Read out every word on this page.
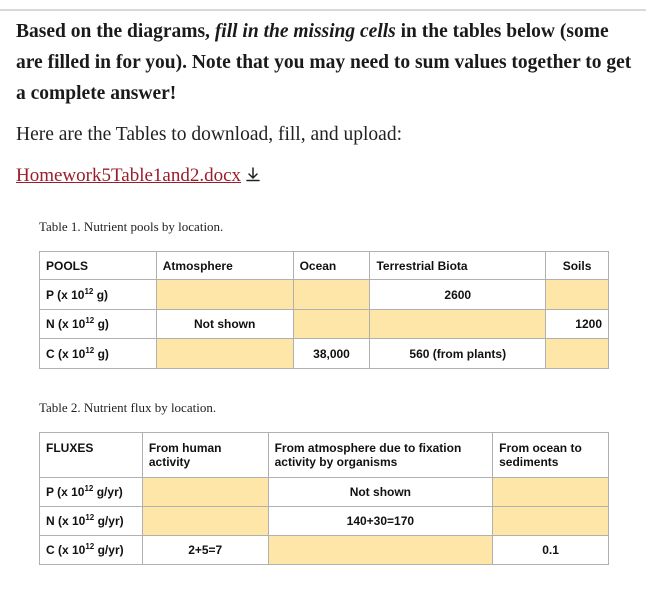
Based on the diagrams, fill in the missing cells in the tables below (some are filled in for you). Note that you may need to sum values together to get a complete answer!

Here are the Tables to download, fill, and upload:

Homework5Table1and2.docx
Table 1. Nutrient pools by location.
POOLS	Atmosphere	Ocean	Terrestrial Biota	Soils
P (x $10^{12}$ g)			2600	
N (x $10^{12}$ g)	Not shown			1200
C (x $10^{12}$ g)		38,000	560 (from plants)	
Table 2. Nutrient flux by location.
FLUXES	From human activity	From atmosphere due to fixation activity by organisms	From ocean to sediments
P (x $10^{12}$ g/yr)		Not shown	
N (x $10^{12}$ g/yr)		140+30=170	
C (x $10^{12}$ g/yr)	2+5=7		0.1
